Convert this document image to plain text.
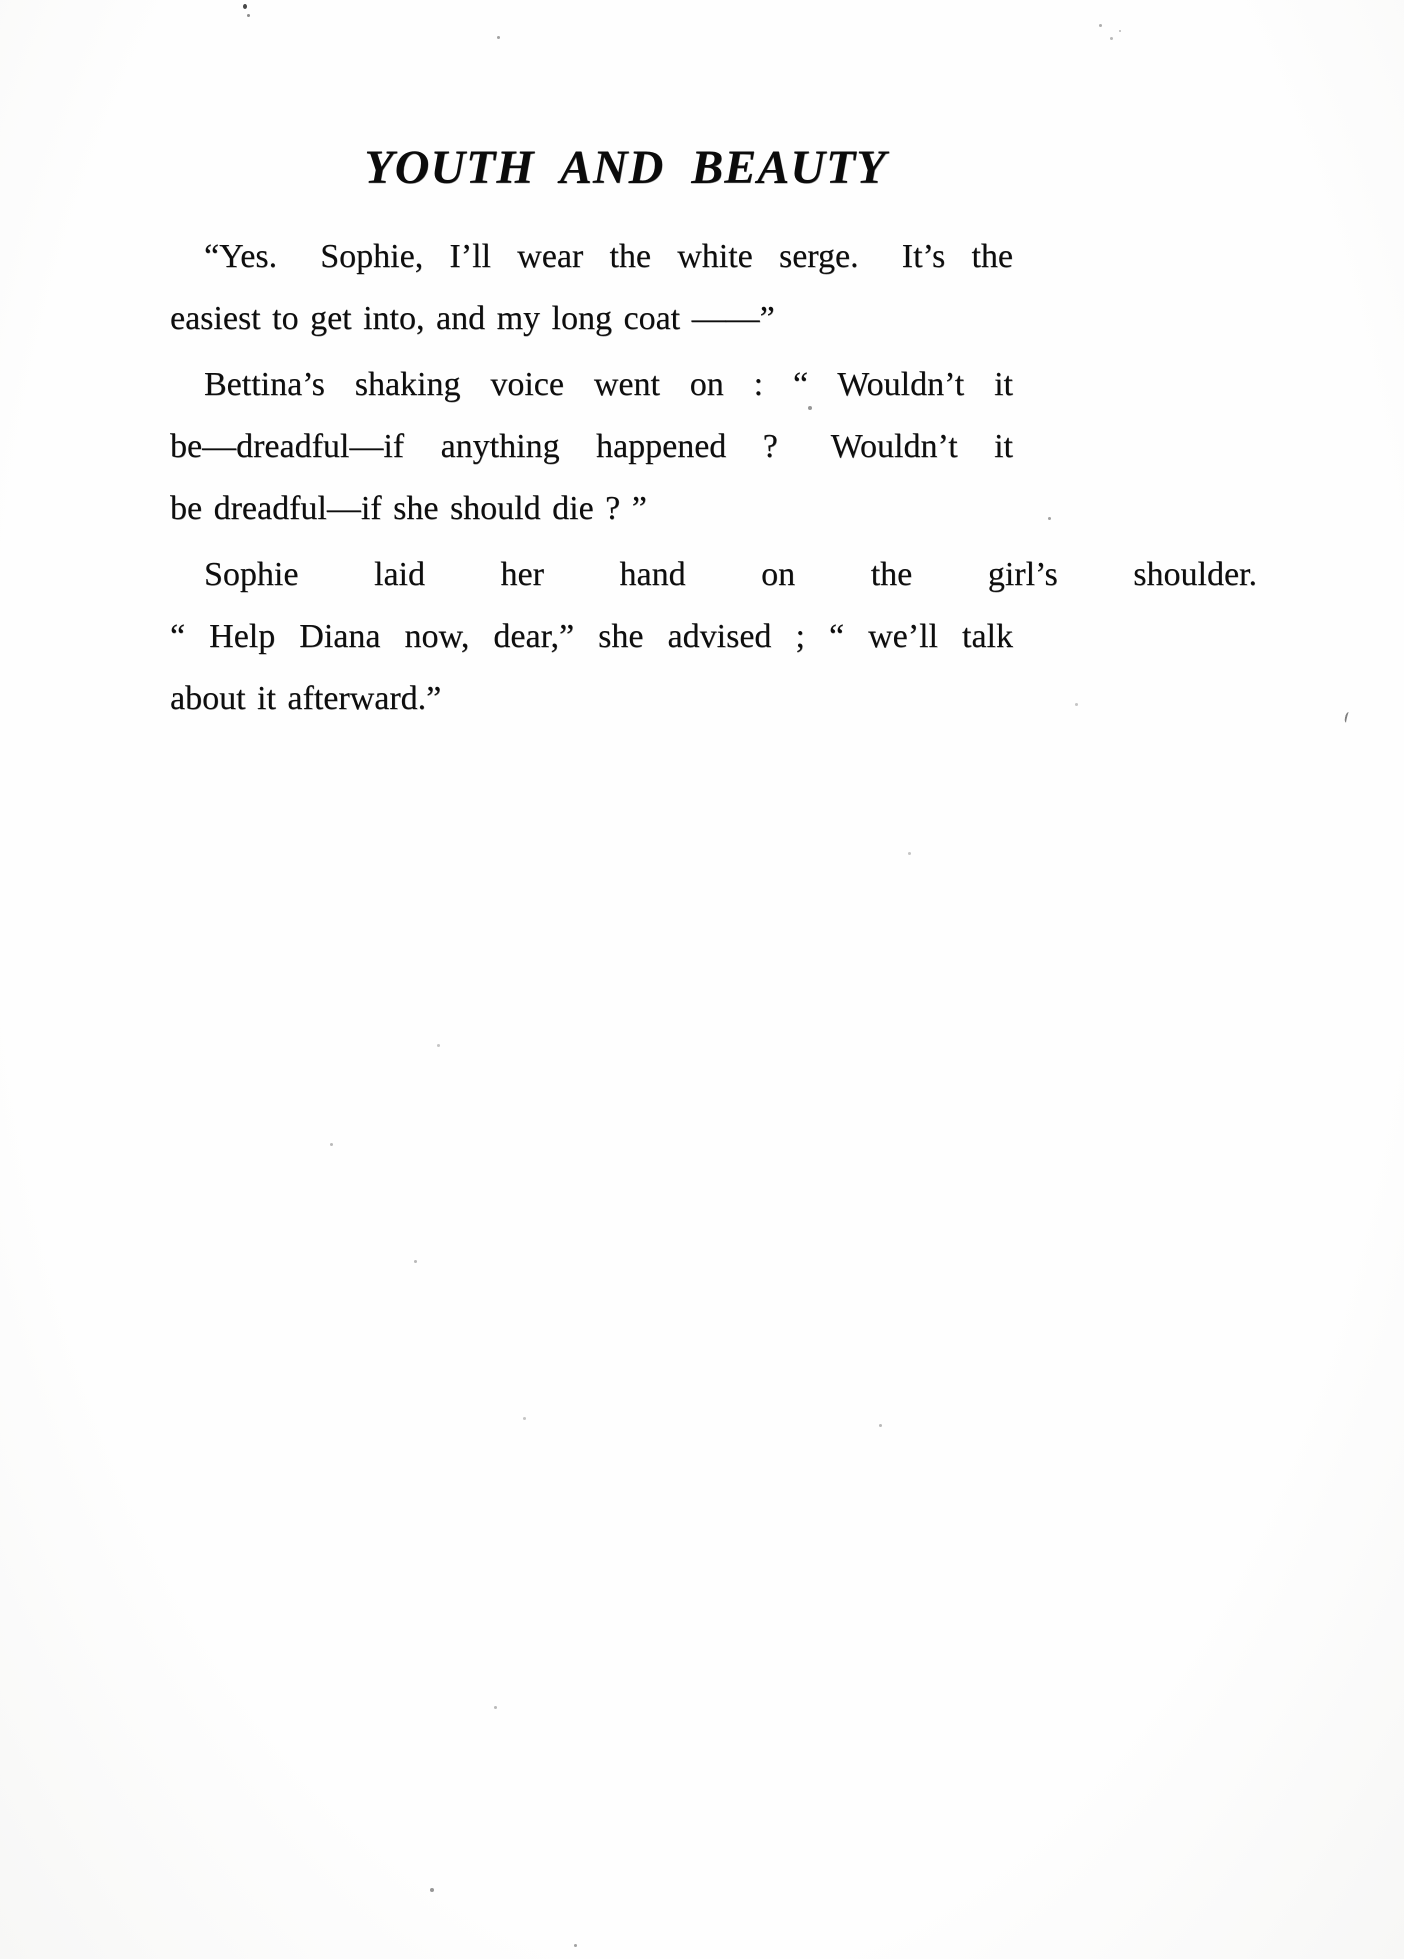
YOUTH AND BEAUTY
“Yes.  Sophie, I’ll wear the white serge.  It’s the
easiest to get into, and my long coat ——”
Bettina’s shaking voice went on : “ Wouldn’t it
be—dreadful—if anything happened ?  Wouldn’t it
be dreadful—if she should die ? ”
Sophie laid her hand on the girl’s shoulder.
“ Help Diana now, dear,” she advised ; “ we’ll talk
about it afterward.”
